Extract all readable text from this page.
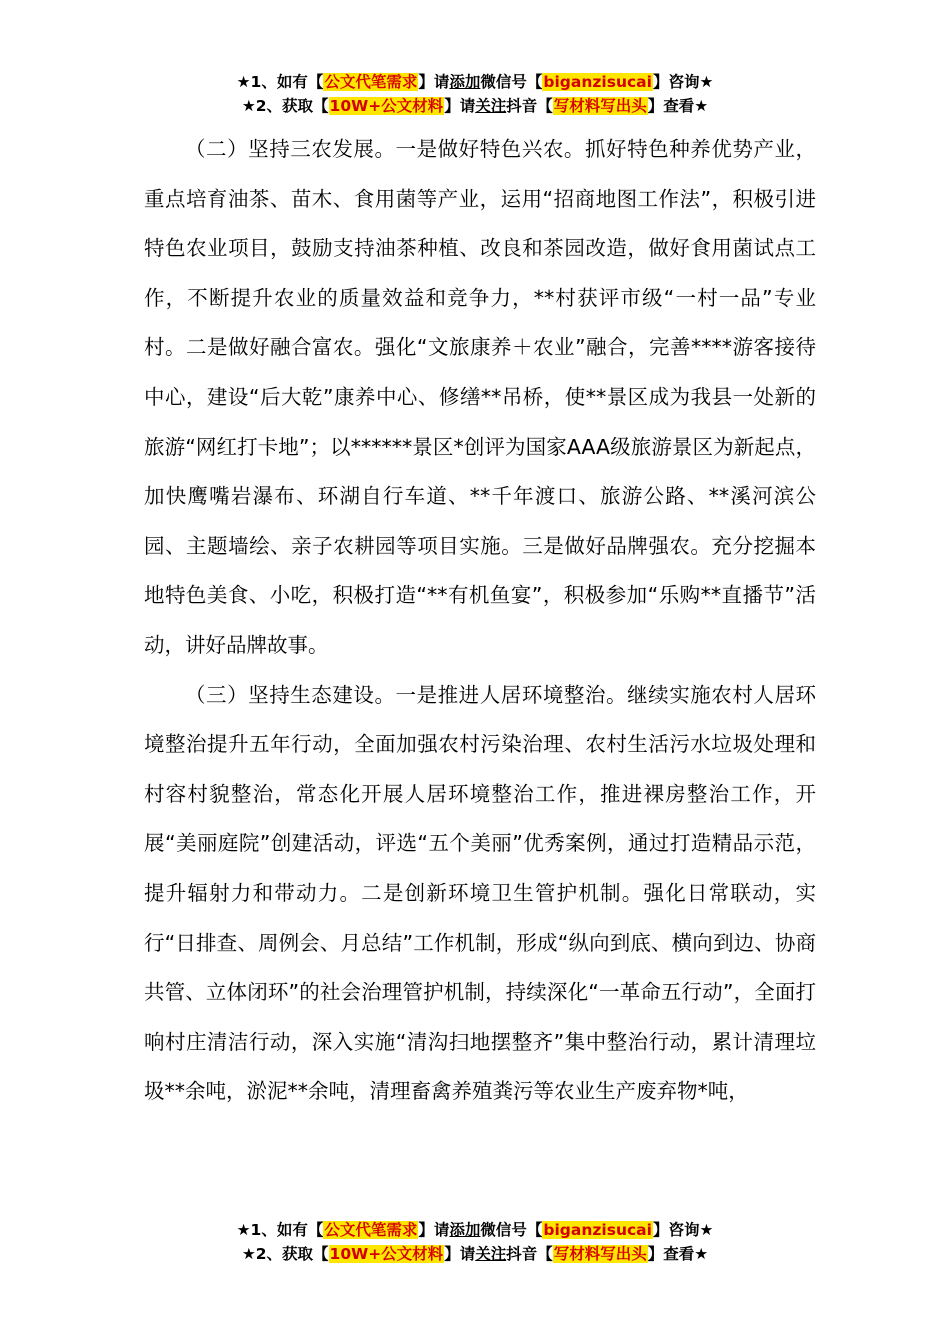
★1、如有【公文代笔需求】请添加微信号【biganzisucai】咨询★
★2、获取【10W+公文材料】请关注抖音【写材料写出头】查看★

（二）坚持三农发展。一是做好特色兴农。抓好特色种养优势产业，重点培育油茶、苗木、食用菌等产业，运用“招商地图工作法”，积极引进特色农业项目，鼓励支持油茶种植、改良和茶园改造，做好食用菌试点工作，不断提升农业的质量效益和竞争力，**村获评市级“一村一品”专业村。二是做好融合富农。强化“文旅康养＋农业”融合，完善****游客接待中心，建设“后大乾”康养中心、修缮**吊桥，使**景区成为我县一处新的旅游“网红打卡地”；以******景区*创评为国家AAA级旅游景区为新起点，加快鹰嘴岩瀑布、环湖自行车道、**千年渡口、旅游公路、**溪河滨公园、主题墙绘、亲子农耕园等项目实施。三是做好品牌强农。充分挖掘本地特色美食、小吃，积极打造“**有机鱼宴”，积极参加“乐购**直播节”活动，讲好品牌故事。

（三）坚持生态建设。一是推进人居环境整治。继续实施农村人居环境整治提升五年行动，全面加强农村污染治理、农村生活污水垃圾处理和村容村貌整治，常态化开展人居环境整治工作，推进裸房整治工作，开展“美丽庭院”创建活动，评选“五个美丽”优秀案例，通过打造精品示范，提升辐射力和带动力。二是创新环境卫生管护机制。强化日常联动，实行“日排查、周例会、月总结”工作机制，形成“纵向到底、横向到边、协商共管、立体闭环”的社会治理管护机制，持续深化“一革命五行动”，全面打响村庄清洁行动，深入实施“清沟扫地摆整齐”集中整治行动，累计清理垃圾**余吨，淤泥**余吨，清理畜禽养殖粪污等农业生产废弃物*吨，

★1、如有【公文代笔需求】请添加微信号【biganzisucai】咨询★
★2、获取【10W+公文材料】请关注抖音【写材料写出头】查看★
